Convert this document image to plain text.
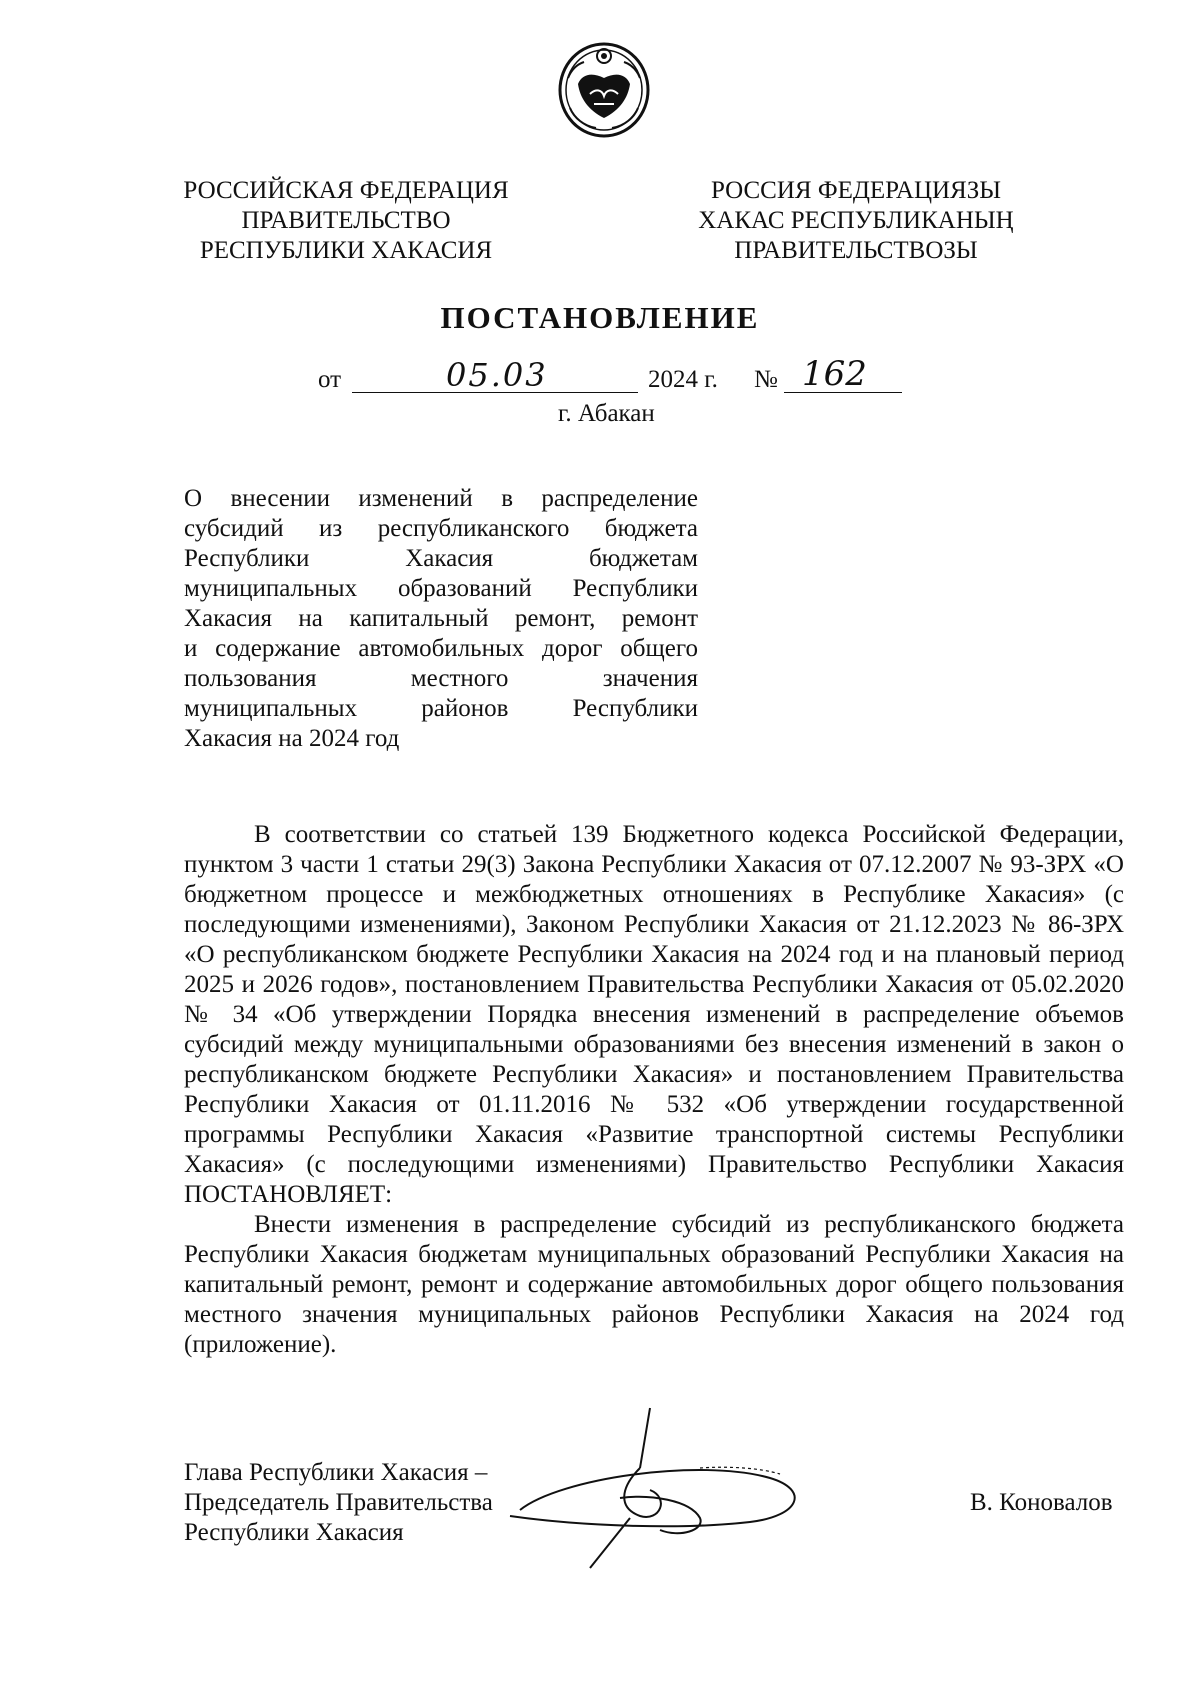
РОССИЙСКАЯ ФЕДЕРАЦИЯ
ПРАВИТЕЛЬСТВО
РЕСПУБЛИКИ ХАКАСИЯ
РОССИЯ ФЕДЕРАЦИЯЗЫ
ХАКАС РЕСПУБЛИКАНЫҢ
ПРАВИТЕЛЬСТВОЗЫ
ПОСТАНОВЛЕНИЕ
от	05.03	2024 г. № 162
г. Абакан
О внесении изменений в распределение
субсидий из республиканского бюджета
Республики Хакасия бюджетам
муниципальных образований Республики
Хакасия на капитальный ремонт, ремонт
и содержание автомобильных дорог общего
пользования местного значения
муниципальных районов Республики
Хакасия на 2024 год

В соответствии со статьей 139 Бюджетного кодекса Российской Федерации, пунктом 3 части 1 статьи 29(3) Закона Республики Хакасия от 07.12.2007 № 93-ЗРХ «О бюджетном процессе и межбюджетных отношениях в Республике Хакасия» (с последующими изменениями), Законом Республики Хакасия от 21.12.2023 № 86-ЗРХ «О республиканском бюджете Республики Хакасия на 2024 год и на плановый период 2025 и 2026 годов», постановлением Правительства Республики Хакасия от 05.02.2020 № 34 «Об утверждении Порядка внесения изменений в распределение объемов субсидий между муниципальными образованиями без внесения изменений в закон о республиканском бюджете Республики Хакасия» и постановлением Правительства Республики Хакасия от 01.11.2016 № 532 «Об утверждении государственной программы Республики Хакасия «Развитие транспортной системы Республики Хакасия» (с последующими изменениями) Правительство Республики Хакасия ПОСТАНОВЛЯЕТ:

Внести изменения в распределение субсидий из республиканского бюджета Республики Хакасия бюджетам муниципальных образований Республики Хакасия на капитальный ремонт, ремонт и содержание автомобильных дорог общего пользования местного значения муниципальных районов Республики Хакасия на 2024 год (приложение).

Глава Республики Хакасия –
Председатель Правительства
Республики Хакасия
В. Коновалов
